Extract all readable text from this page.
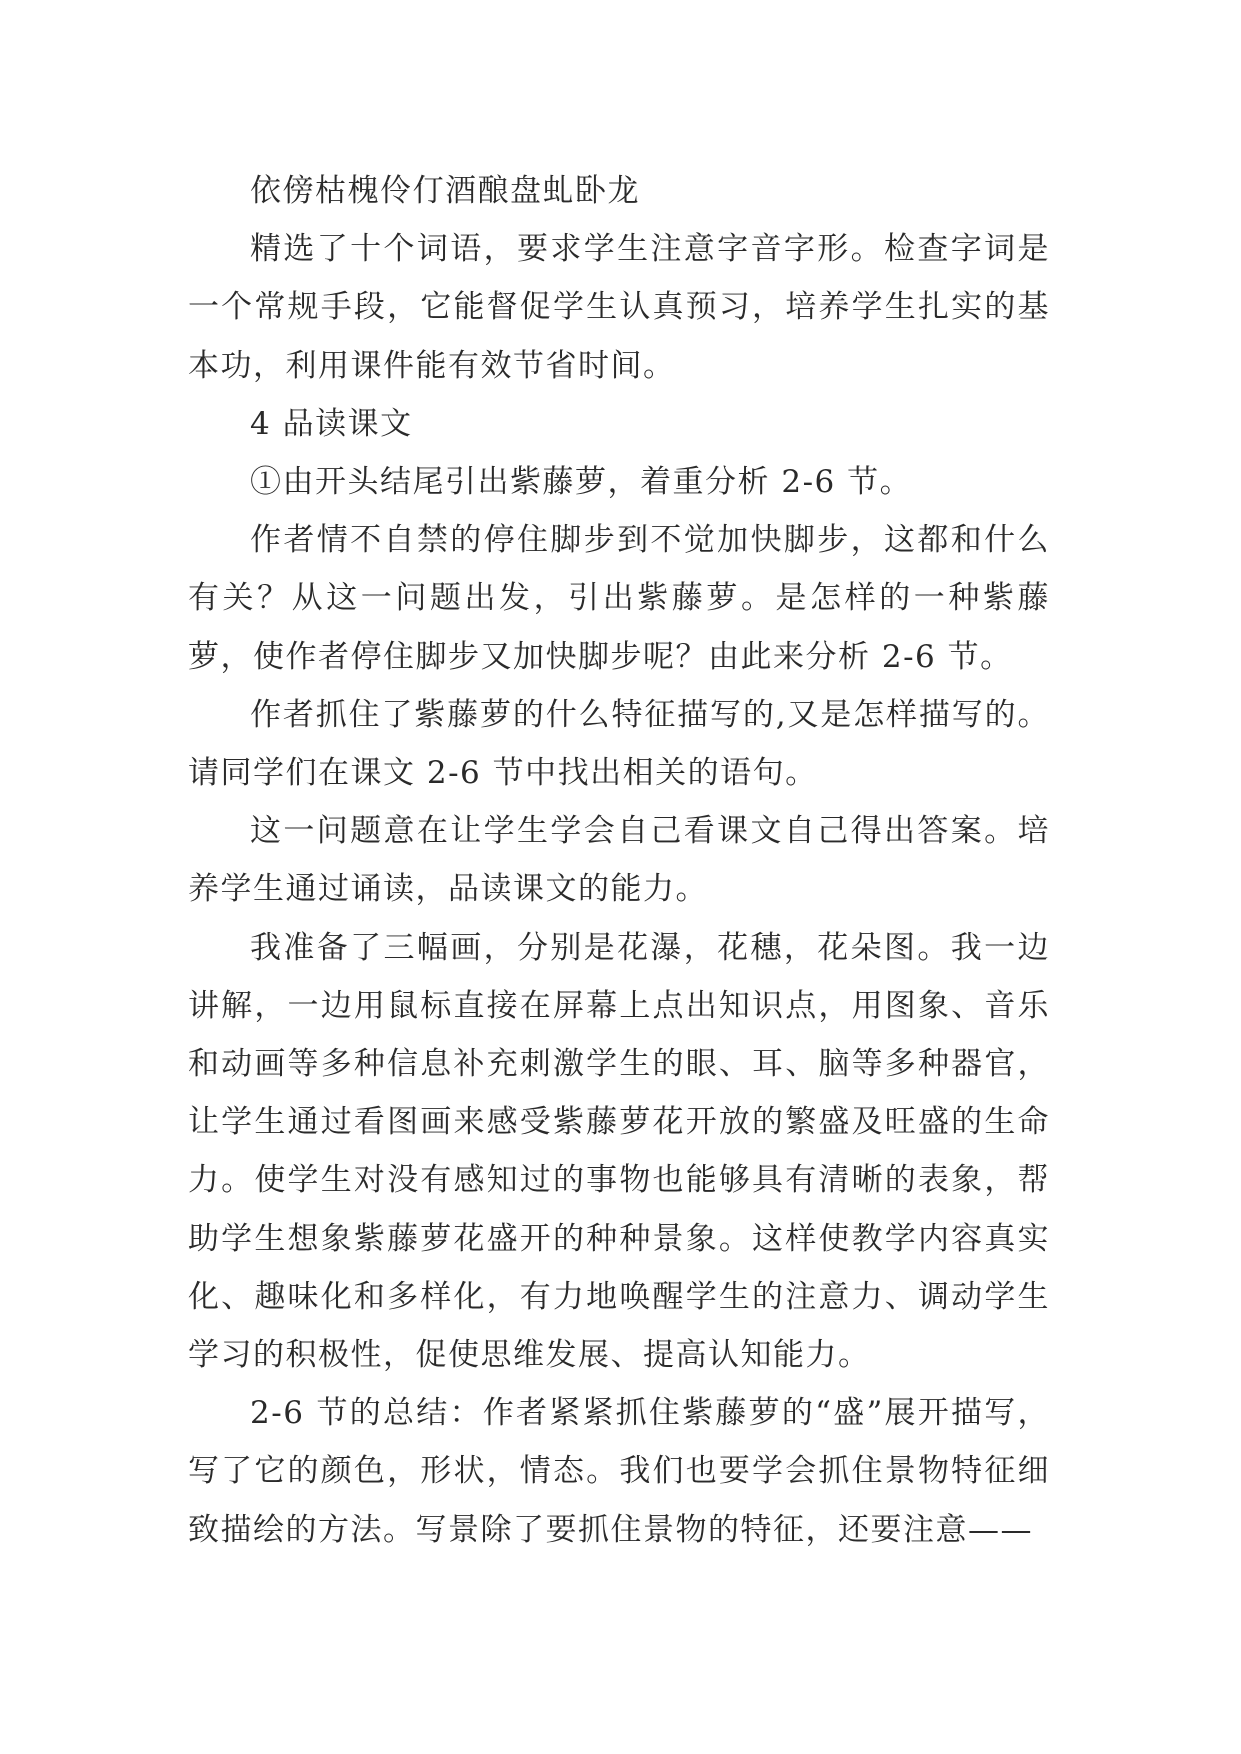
依傍枯槐伶仃酒酿盘虬卧龙

精选了十个词语，要求学生注意字音字形。检查字词是一个常规手段，它能督促学生认真预习，培养学生扎实的基本功，利用课件能有效节省时间。

4 品读课文

①由开头结尾引出紫藤萝，着重分析 2-6 节。

作者情不自禁的停住脚步到不觉加快脚步，这都和什么有关？从这一问题出发，引出紫藤萝。是怎样的一种紫藤萝，使作者停住脚步又加快脚步呢？由此来分析 2-6 节。

作者抓住了紫藤萝的什么特征描写的,又是怎样描写的。请同学们在课文 2-6 节中找出相关的语句。

这一问题意在让学生学会自己看课文自己得出答案。培养学生通过诵读，品读课文的能力。

我准备了三幅画，分别是花瀑，花穗，花朵图。我一边讲解，一边用鼠标直接在屏幕上点出知识点，用图象、音乐和动画等多种信息补充刺激学生的眼、耳、脑等多种器官，让学生通过看图画来感受紫藤萝花开放的繁盛及旺盛的生命力。使学生对没有感知过的事物也能够具有清晰的表象，帮助学生想象紫藤萝花盛开的种种景象。这样使教学内容真实化、趣味化和多样化，有力地唤醒学生的注意力、调动学生学习的积极性，促使思维发展、提高认知能力。

2-6 节的总结：作者紧紧抓住紫藤萝的“盛”展开描写，写了它的颜色，形状，情态。我们也要学会抓住景物特征细致描绘的方法。写景除了要抓住景物的特征，还要注意——
